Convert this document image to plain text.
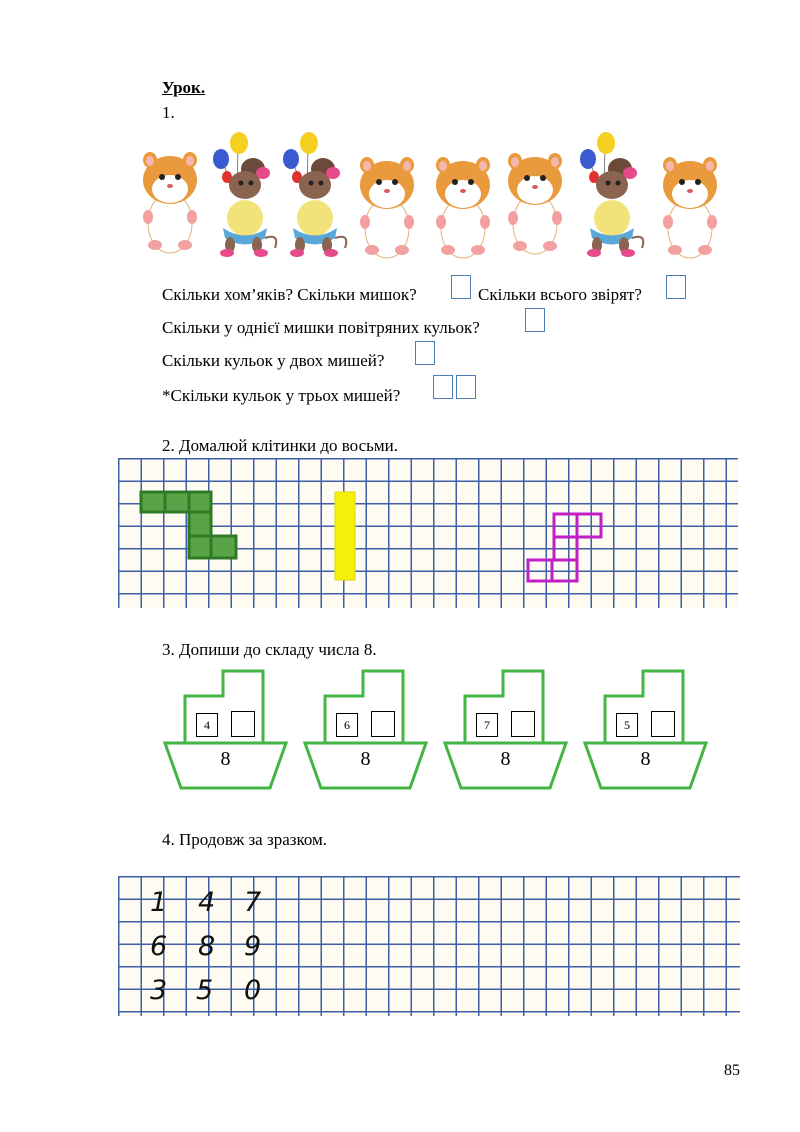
Урок.
1.
Скільки хом’яків? Скільки мишок?	Скільки всього звірят?
Скільки у однієї мишки повітряних кульок?
Скільки кульок у двох мишей?
*Скільки кульок у трьох мишей?
2. Домалюй клітинки до восьми.
3. Допиши до складу числа 8.
4
8
6
8
7
8
5
8
4. Продовж за зразком.
1 4 7
6 8 9
3 5 0
85
